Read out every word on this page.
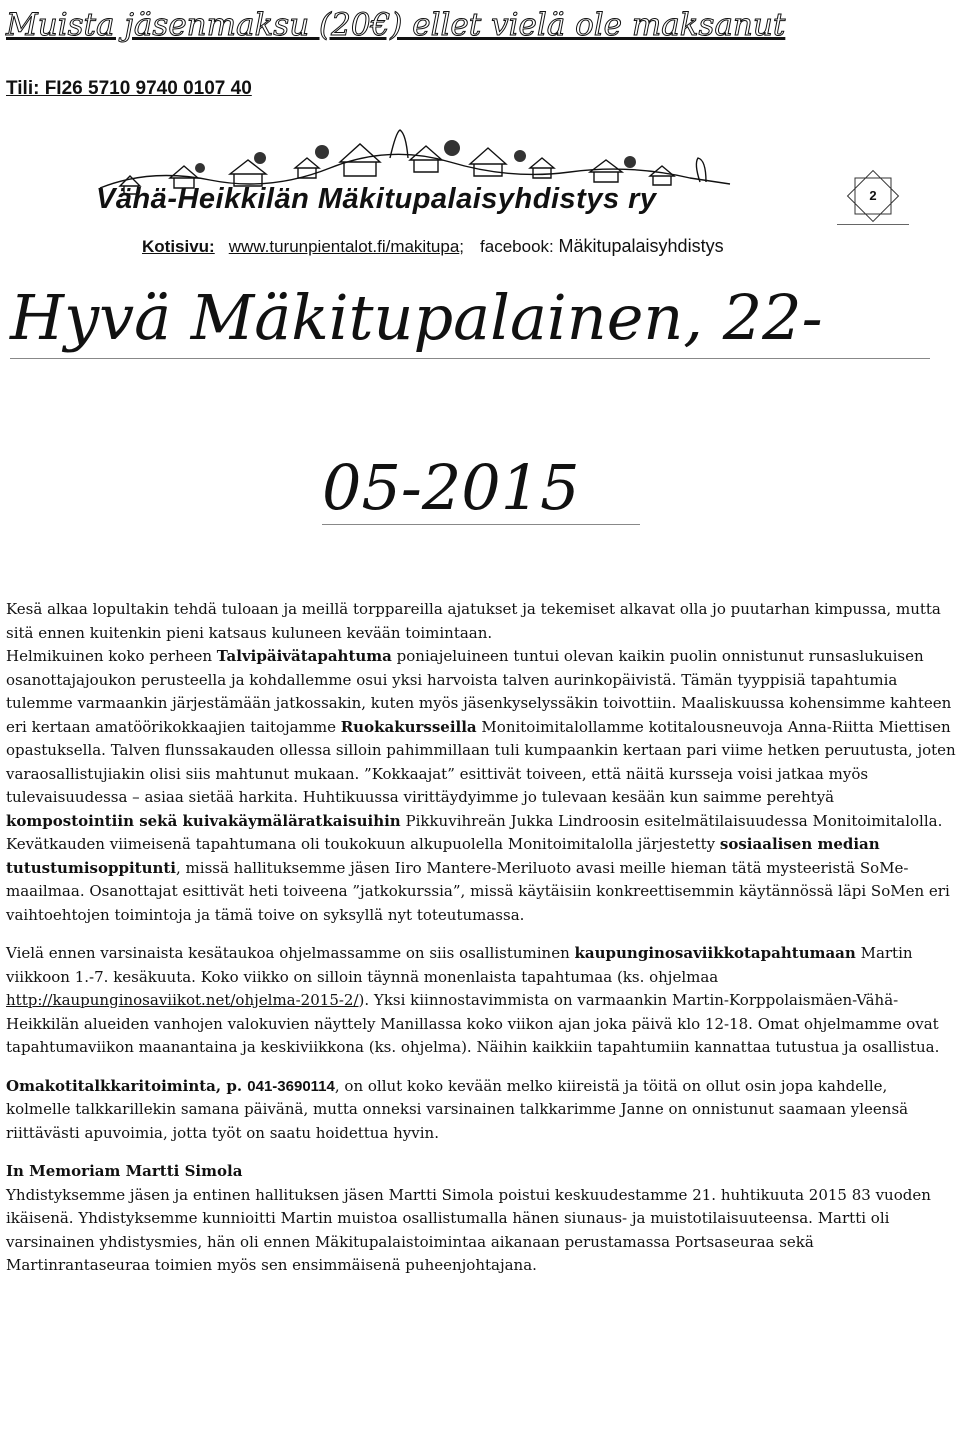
Muista jäsenmaksu (20€) ellet vielä ole maksanut
Tili: FI26 5710 9740 0107 40
Vähä-Heikkilän Mäkitupalaisyhdistys ry	2
Kotisivu: www.turunpientalot.fi/makitupa; facebook: Mäkitupalaisyhdistys
Hyvä Mäkitupalainen, 22-
05-2015

Kesä alkaa lopultakin tehdä tuloaan ja meillä torppareilla ajatukset ja tekemiset alkavat olla jo puutarhan kimpussa, mutta sitä ennen kuitenkin pieni katsaus kuluneen kevään toimintaan.

Helmikuinen koko perheen Talvipäivätapahtuma poniajeluineen tuntui olevan kaikin puolin onnistunut runsaslukuisen osanottajajoukon perusteella ja kohdallemme osui yksi harvoista talven aurinkopäivistä. Tämän tyyppisiä tapahtumia tulemme varmaankin järjestämään jatkossakin, kuten myös jäsenkyselyssäkin toivottiin. Maaliskuussa kohensimme kahteen eri kertaan amatöörikokkaajien taitojamme Ruokakursseilla Monitoimitalollamme kotitalousneuvoja Anna-Riitta Miettisen opastuksella. Talven flunssakauden ollessa silloin pahimmillaan tuli kumpaankin kertaan pari viime hetken peruutusta, joten varaosallistujiakin olisi siis mahtunut mukaan. ”Kokkaajat” esittivät toiveen, että näitä kursseja voisi jatkaa myös tulevaisuudessa – asiaa sietää harkita. Huhtikuussa virittäydyimme jo tulevaan kesään kun saimme perehtyä kompostointiin sekä kuivakäymäläratkaisuihin Pikkuvihreän Jukka Lindroosin esitelmätilaisuudessa Monitoimitalolla. Kevätkauden viimeisenä tapahtumana oli toukokuun alkupuolella Monitoimitalolla järjestetty sosiaalisen median tutustumisoppitunti, missä hallituksemme jäsen Iiro Mantere-Meriluoto avasi meille hieman tätä mysteeristä SoMe-maailmaa. Osanottajat esittivät heti toiveena ”jatkokurssia”, missä käytäisiin konkreettisemmin käytännössä läpi SoMen eri vaihtoehtojen toimintoja ja tämä toive on syksyllä nyt toteutumassa.

Vielä ennen varsinaista kesätaukoa ohjelmassamme on siis osallistuminen kaupunginosaviikkotapahtumaan Martin viikkoon 1.-7. kesäkuuta. Koko viikko on silloin täynnä monenlaista tapahtumaa (ks. ohjelmaa http://kaupunginosaviikot.net/ohjelma-2015-2/). Yksi kiinnostavimmista on varmaankin Martin-Korppolaismäen-Vähä-Heikkilän alueiden vanhojen valokuvien näyttely Manillassa koko viikon ajan joka päivä klo 12-18. Omat ohjelmamme ovat tapahtumaviikon maanantaina ja keskiviikkona (ks. ohjelma). Näihin kaikkiin tapahtumiin kannattaa tutustua ja osallistua.

Omakotitalkkaritoiminta, p. 041-3690114, on ollut koko kevään melko kiireistä ja töitä on ollut osin jopa kahdelle, kolmelle talkkarillekin samana päivänä, mutta onneksi varsinainen talkkarimme Janne on onnistunut saamaan yleensä riittävästi apuvoimia, jotta työt on saatu hoidettua hyvin.

In Memoriam Martti Simola

Yhdistyksemme jäsen ja entinen hallituksen jäsen Martti Simola poistui keskuudestamme 21. huhtikuuta 2015 83 vuoden ikäisenä. Yhdistyksemme kunnioitti Martin muistoa osallistumalla hänen siunaus- ja muistotilaisuuteensa. Martti oli varsinainen yhdistysmies, hän oli ennen Mäkitupalaistoimintaa aikanaan perustamassa Portsaseuraa sekä Martinrantaseuraa toimien myös sen ensimmäisenä puheenjohtajana.
